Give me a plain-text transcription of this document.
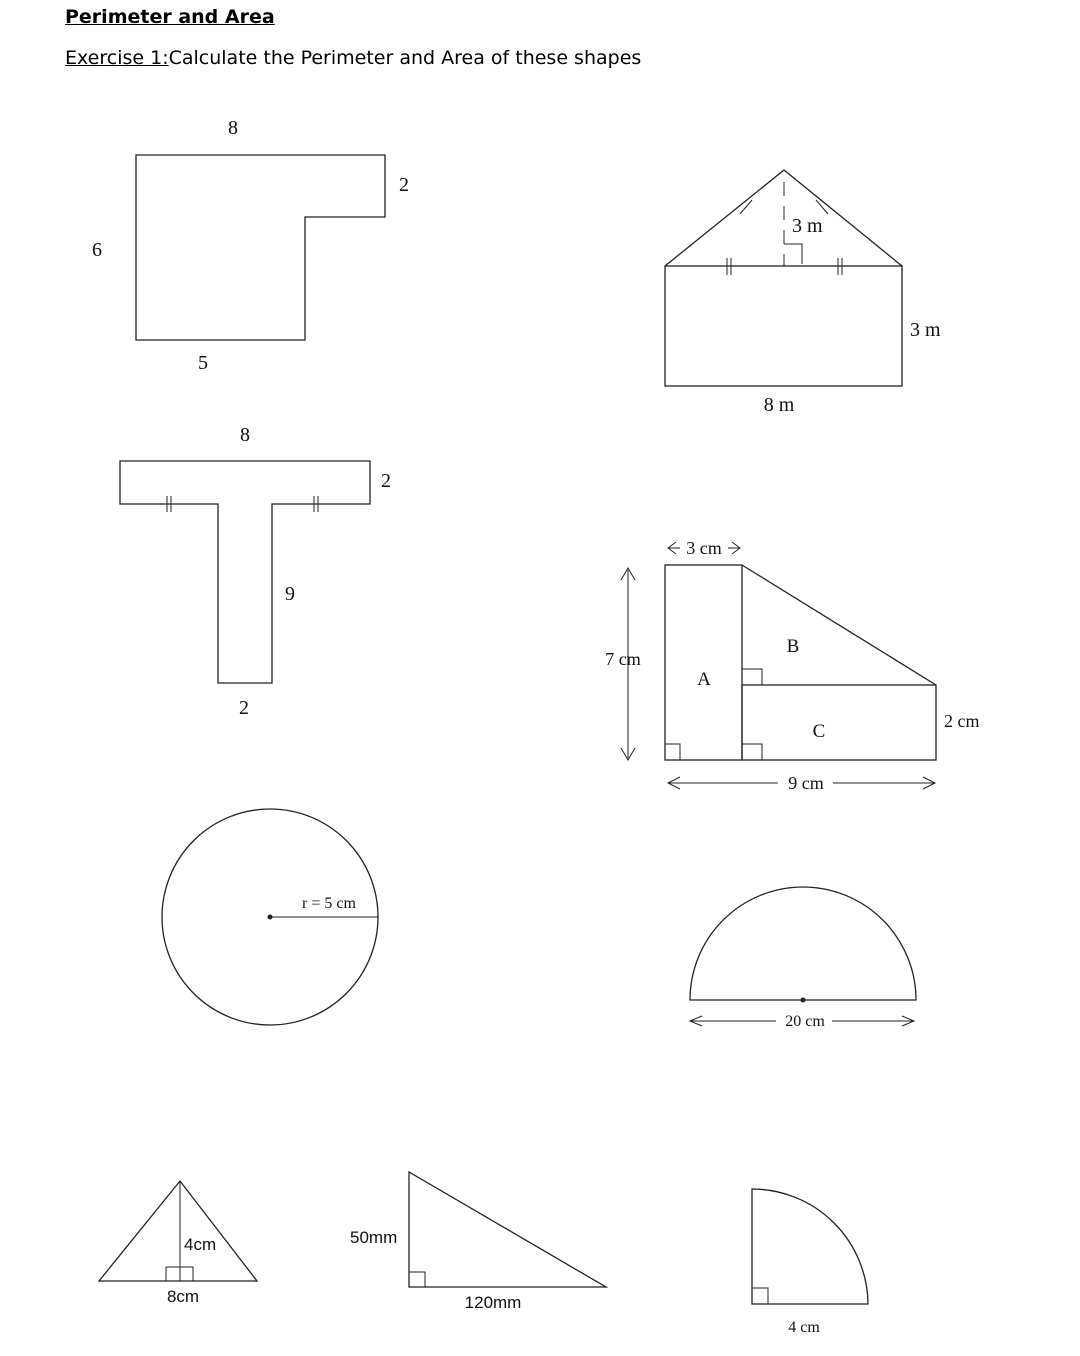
Perimeter and Area
Exercise 1:Calculate the Perimeter and Area of these shapes
8
6
5
2
3 m
8 m
3 m
8
2
9
2
3 cm
7 cm
9 cm
2 cm
A
B
C
r = 5 cm
20 cm
4cm
8cm
50mm
120mm
4 cm
